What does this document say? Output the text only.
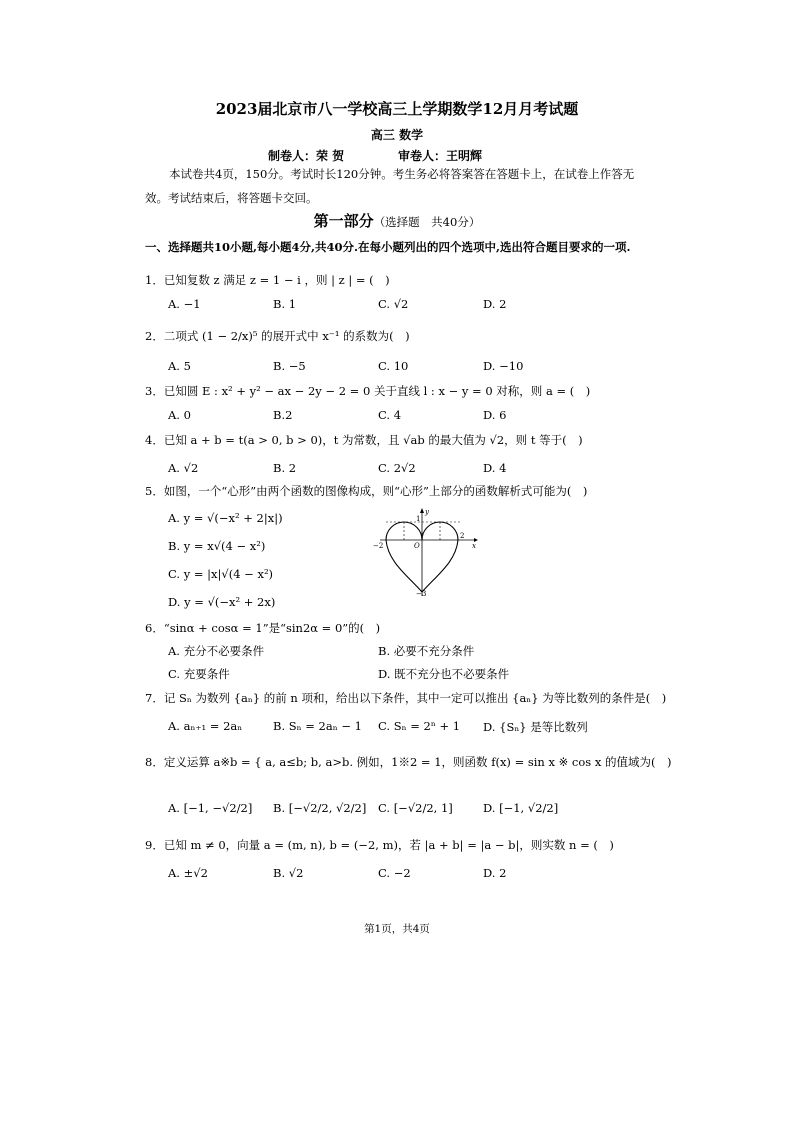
2023届北京市八一学校高三上学期数学12月月考试题
高三 数学
制卷人：荣 贺	审卷人：王明辉
本试卷共4页，150分。考试时长120分钟。考生务必将答案答在答题卡上，在试卷上作答无效。考试结束后，将答题卡交回。
第一部分（选择题　共40分）
一、选择题共10小题,每小题4分,共40分.在每小题列出的四个选项中,选出符合题目要求的一项.
1．已知复数 z 满足 z = 1 − i ，则 | z | = (　)
A. −1	B. 1	C. √2	D. 2
2．二项式 (1 − 2/x)⁵ 的展开式中 x⁻¹ 的系数为(　)
A. 5	B. −5	C. 10	D. −10
3．已知圆 E : x² + y² − ax − 2y − 2 = 0 关于直线 l : x − y = 0 对称，则 a = (　)
A. 0	B.2	C. 4	D. 6
4．已知 a + b = t(a > 0, b > 0)，t 为常数，且 √ab 的最大值为 √2，则 t 等于(　)
A. √2	B. 2	C. 2√2	D. 4
5．如图，一个“心形”由两个函数的图像构成，则“心形”上部分的函数解析式可能为(　)
A. y = √(−x² + 2|x|)
B. y = x√(4 − x²)
C. y = |x|√(4 − x²)
D. y = √(−x² + 2x)
y
1
−2	O
2
x
−3
6．“sinα + cosα = 1”是“sin2α = 0”的(　)
A. 充分不必要条件	B. 必要不充分条件
C. 充要条件	D. 既不充分也不必要条件
7．记 Sₙ 为数列 {aₙ} 的前 n 项和，给出以下条件，其中一定可以推出 {aₙ} 为等比数列的条件是(　)
A. aₙ₊₁ = 2aₙ	B. Sₙ = 2aₙ − 1 C. Sₙ = 2ⁿ + 1 D. {Sₙ} 是等比数列
8．定义运算 a※b = { a, a≤b; b, a>b. 例如，1※2 = 1，则函数 f(x) = sin x ※ cos x 的值域为(　)
A. [−1, −√2/2] B. [−√2/2, √2/2] C. [−√2/2, 1]	D. [−1, √2/2]
9．已知 m ≠ 0，向量 a = (m, n), b = (−2, m)，若 |a + b| = |a − b|，则实数 n = (　)
A. ±√2	B. √2	C. −2	D. 2
第1页，共4页
